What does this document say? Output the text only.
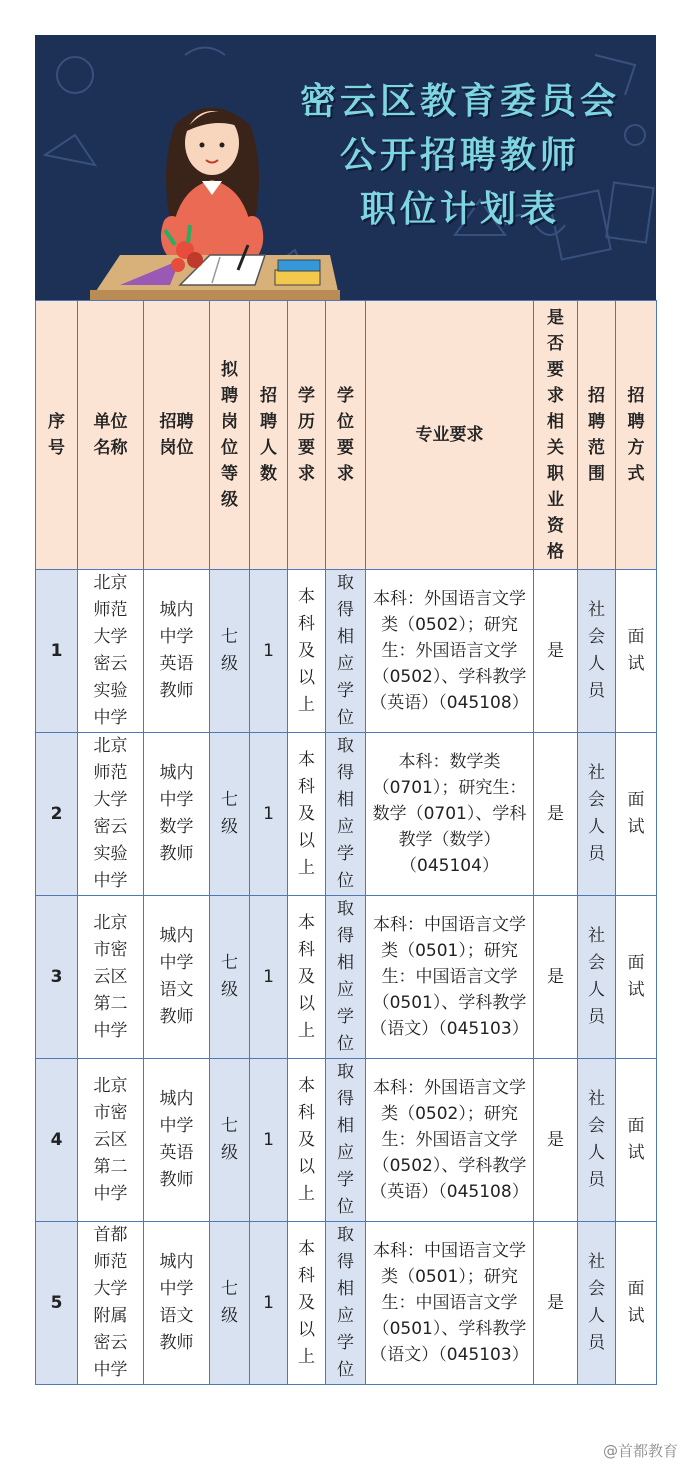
密云区教育委员会
公开招聘教师
职位计划表
序号	单位名称	招聘岗位	拟聘岗位等级	招聘人数	学历要求	学位要求	专业要求	是否要求相关职业资格	招聘范围	招聘方式
1	北京师范大学密云实验中学	城内中学英语教师	七级	1	本科及以上	取得相应学位	本科：外国语言文学类（0502）；研究生：外国语言文学（0502）、学科教学（英语）（045108）	是	社会人员	面试
2	北京师范大学密云实验中学	城内中学数学教师	七级	1	本科及以上	取得相应学位	本科：数学类（0701）；研究生：数学（0701）、学科教学（数学）（045104）	是	社会人员	面试
3	北京市密云区第二中学	城内中学语文教师	七级	1	本科及以上	取得相应学位	本科：中国语言文学类（0501）；研究生：中国语言文学（0501）、学科教学（语文）（045103）	是	社会人员	面试
4	北京市密云区第二中学	城内中学英语教师	七级	1	本科及以上	取得相应学位	本科：外国语言文学类（0502）；研究生：外国语言文学（0502）、学科教学（英语）（045108）	是	社会人员	面试
5	首都师范大学附属密云中学	城内中学语文教师	七级	1	本科及以上	取得相应学位	本科：中国语言文学类（0501）；研究生：中国语言文学（0501）、学科教学（语文）（045103）	是	社会人员	面试
@首都教育
